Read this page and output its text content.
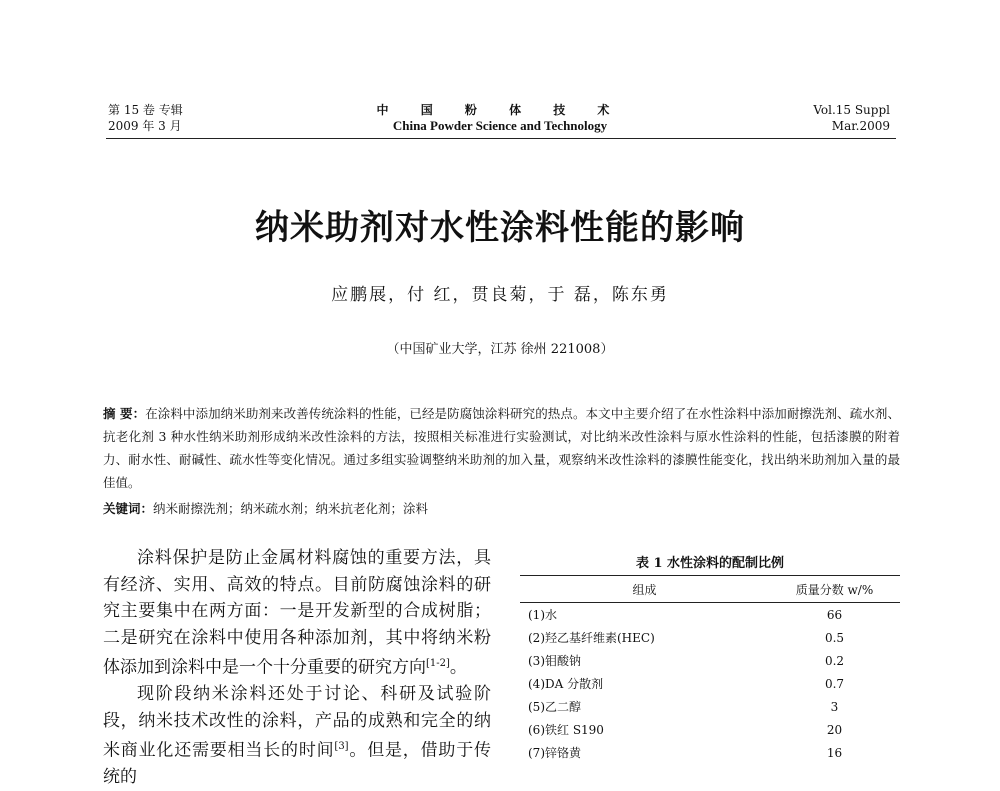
第 15 卷 专辑
2009 年 3 月
中 国 粉 体 技 术
China Powder Science and Technology
Vol.15 Suppl
Mar.2009
纳米助剂对水性涂料性能的影响
应鹏展，付 红，贯良菊，于 磊，陈东勇
（中国矿业大学，江苏 徐州 221008）
摘 要：在涂料中添加纳米助剂来改善传统涂料的性能，已经是防腐蚀涂料研究的热点。本文中主要介绍了在水性涂料中添加耐擦洗剂、疏水剂、抗老化剂 3 种水性纳米助剂形成纳米改性涂料的方法，按照相关标准进行实验测试，对比纳米改性涂料与原水性涂料的性能，包括漆膜的附着力、耐水性、耐碱性、疏水性等变化情况。通过多组实验调整纳米助剂的加入量，观察纳米改性涂料的漆膜性能变化，找出纳米助剂加入量的最佳值。
关键词：纳米耐擦洗剂；纳米疏水剂；纳米抗老化剂；涂料

涂料保护是防止金属材料腐蚀的重要方法，具有经济、实用、高效的特点。目前防腐蚀涂料的研究主要集中在两方面：一是开发新型的合成树脂；二是研究在涂料中使用各种添加剂，其中将纳米粉体添加到涂料中是一个十分重要的研究方向[1-2]。

现阶段纳米涂料还处于讨论、科研及试验阶段，纳米技术改性的涂料，产品的成熟和完全的纳米商业化还需要相当长的时间[3]。但是，借助于传统的

表 1 水性涂料的配制比例
组成	质量分数 w/%
(1)水	66
(2)羟乙基纤维素(HEC)	0.5
(3)钼酸钠	0.2
(4)DA 分散剂	0.7
(5)乙二醇	3
(6)铁红 S190	20
(7)锌铬黄	16
